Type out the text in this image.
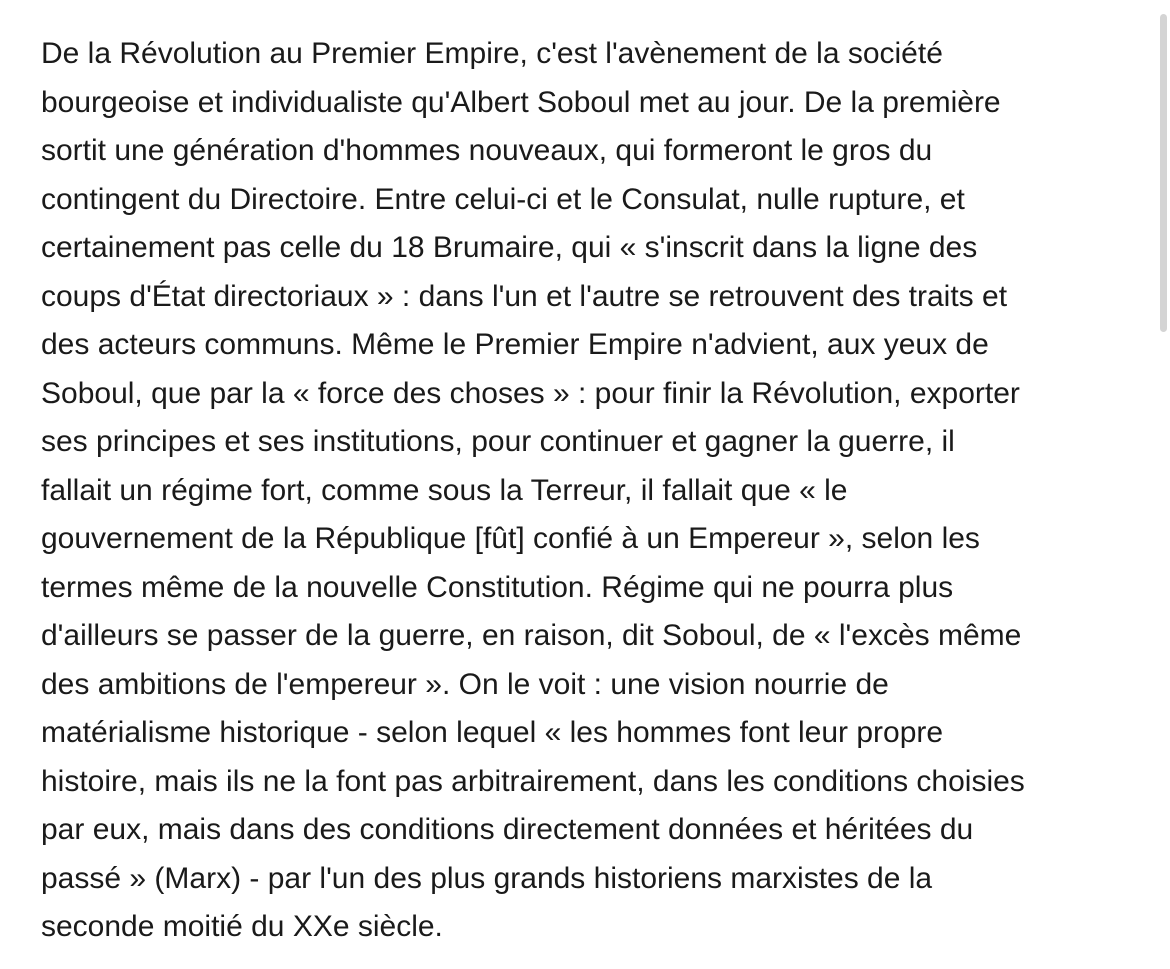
De la Révolution au Premier Empire, c'est l'avènement de la société
bourgeoise et individualiste qu'Albert Soboul met au jour. De la première
sortit une génération d'hommes nouveaux, qui formeront le gros du
contingent du Directoire. Entre celui-ci et le Consulat, nulle rupture, et
certainement pas celle du 18 Brumaire, qui « s'inscrit dans la ligne des
coups d'État directoriaux » : dans l'un et l'autre se retrouvent des traits et
des acteurs communs. Même le Premier Empire n'advient, aux yeux de
Soboul, que par la « force des choses » : pour finir la Révolution, exporter
ses principes et ses institutions, pour continuer et gagner la guerre, il
fallait un régime fort, comme sous la Terreur, il fallait que « le
gouvernement de la République [fût] confié à un Empereur », selon les
termes même de la nouvelle Constitution. Régime qui ne pourra plus
d'ailleurs se passer de la guerre, en raison, dit Soboul, de « l'excès même
des ambitions de l'empereur ». On le voit : une vision nourrie de
matérialisme historique - selon lequel « les hommes font leur propre
histoire, mais ils ne la font pas arbitrairement, dans les conditions choisies
par eux, mais dans des conditions directement données et héritées du
passé » (Marx) - par l'un des plus grands historiens marxistes de la
seconde moitié du XXe siècle.
